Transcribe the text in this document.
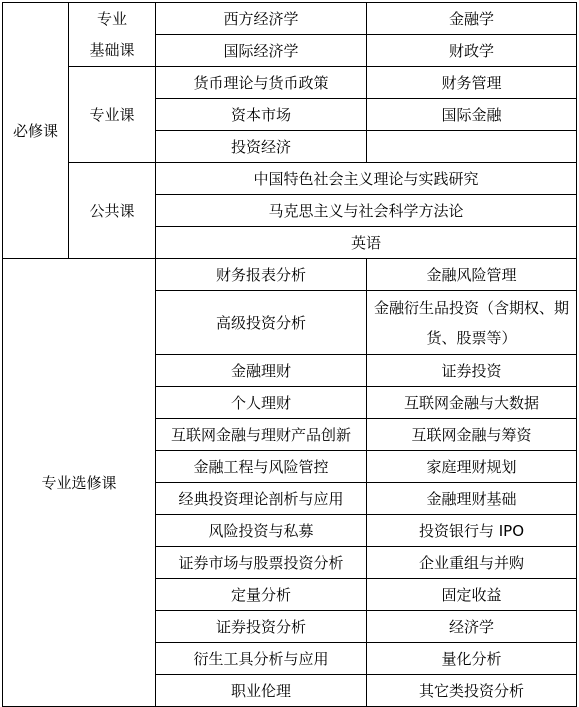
必修课	专业	西方经济学	金融学
	基础课	国际经济学	财政学
	专业课	货币理论与货币政策	财务管理
		资本市场	国际金融
		投资经济	
	公共课	中国特色社会主义理论与实践研究	
		马克思主义与社会科学方法论	
		英语	
专业选修课		财务报表分析	金融风险管理
		高级投资分析	金融衍生品投资（含期权、期货、股票等）
		金融理财	证券投资
		个人理财	互联网金融与大数据
		互联网金融与理财产品创新	互联网金融与筹资
		金融工程与风险管控	家庭理财规划
		经典投资理论剖析与应用	金融理财基础
		风险投资与私募	投资银行与 IPO
		证券市场与股票投资分析	企业重组与并购
		定量分析	固定收益
		证券投资分析	经济学
		衍生工具分析与应用	量化分析
		职业伦理	其它类投资分析
